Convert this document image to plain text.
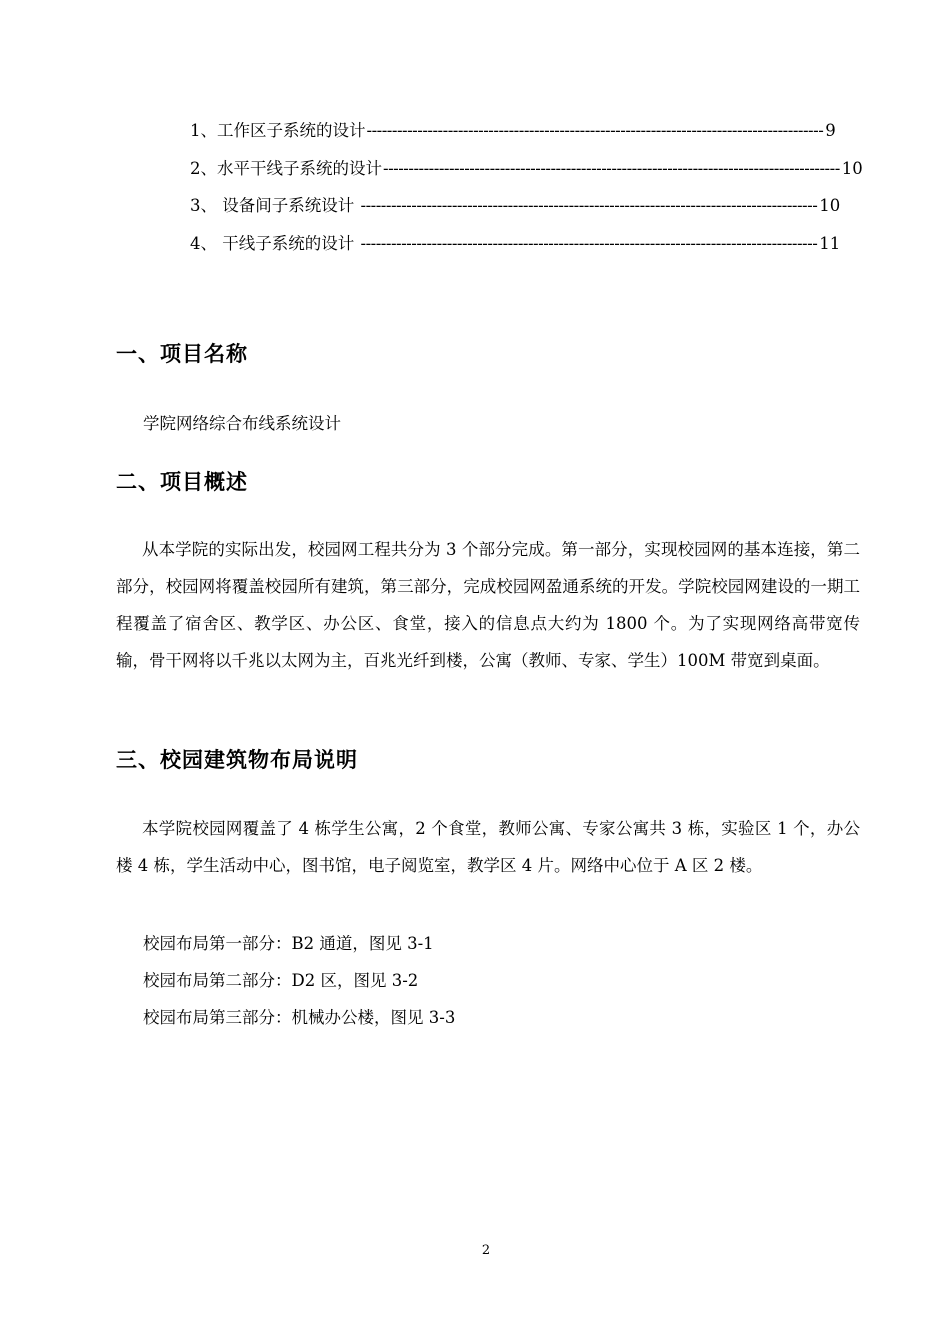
1、 工作区子系统的设计 ------------------------------------------------------------------------------------------ 9
2、 水平干线子系统的设计 ------------------------------------------------------------------------------------------ 10
3、 设备间子系统设计 ------------------------------------------------------------------------------------------ 10
4、 干线子系统的设计 ------------------------------------------------------------------------------------------ 11
一、项目名称
学院网络综合布线系统设计
二、项目概述
从本学院的实际出发，校园网工程共分为 3 个部分完成。第一部分，实现校园网的基本连接，第二部分，校园网将覆盖校园所有建筑，第三部分，完成校园网盈通系统的开发。学院校园网建设的一期工程覆盖了宿舍区、教学区、办公区、食堂，接入的信息点大约为 1800 个。为了实现网络高带宽传输，骨干网将以千兆以太网为主，百兆光纤到楼，公寓（教师、专家、学生）100M 带宽到桌面。
三、校园建筑物布局说明
本学院校园网覆盖了 4 栋学生公寓，2 个食堂，教师公寓、专家公寓共 3 栋，实验区 1 个，办公楼 4 栋，学生活动中心，图书馆，电子阅览室，教学区 4 片。网络中心位于 A 区 2 楼。
校园布局第一部分：B2 通道，图见 3-1
校园布局第二部分：D2 区，图见 3-2
校园布局第三部分：机械办公楼，图见 3-3
2
